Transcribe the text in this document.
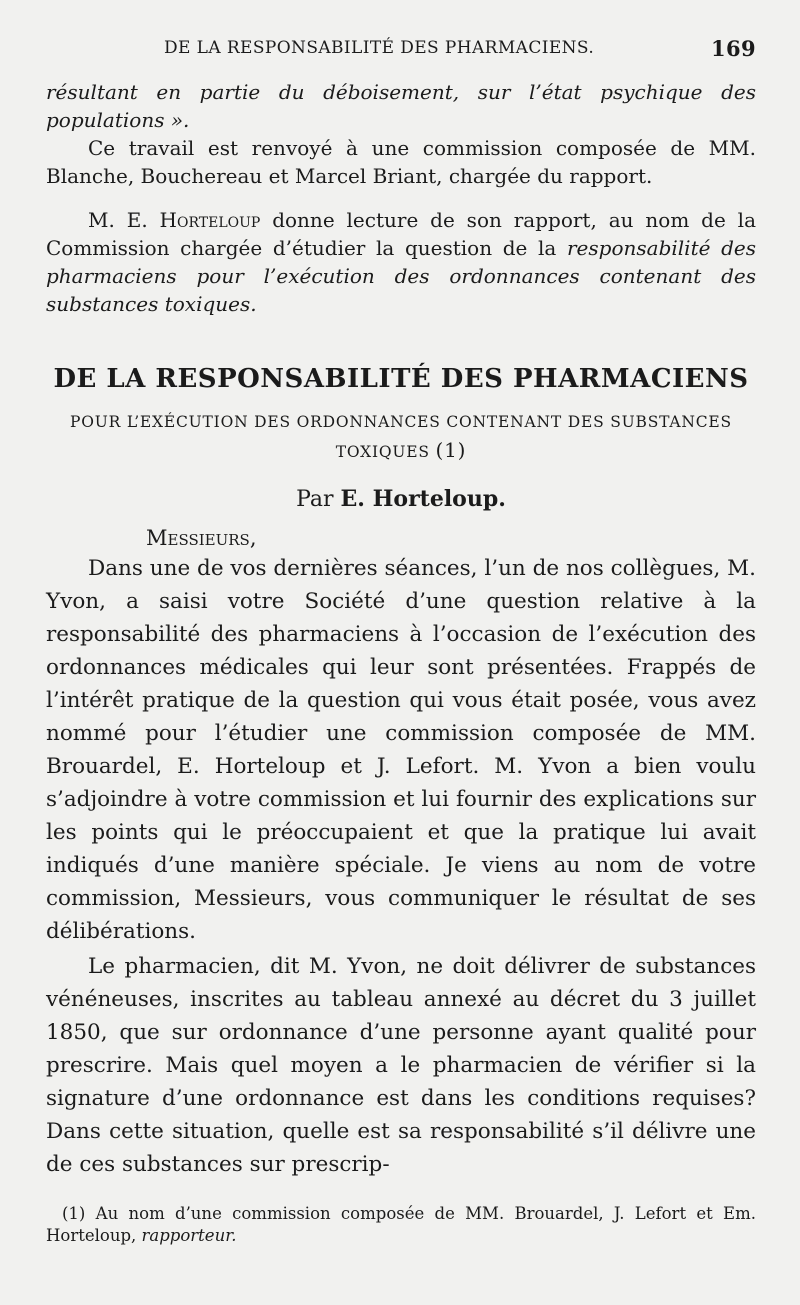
DE LA RESPONSABILITÉ DES PHARMACIENS.	169

résultant en partie du déboisement, sur l’état psychique des populations ».

Ce travail est renvoyé à une commission composée de MM. Blanche, Bouchereau et Marcel Briant, chargée du rapport.

M. E. Horteloup donne lecture de son rapport, au nom de la Commission chargée d’étudier la question de la responsabilité des pharmaciens pour l’exécution des ordonnances contenant des substances toxiques.

DE LA RESPONSABILITÉ DES PHARMACIENS
POUR L’EXÉCUTION DES ORDONNANCES CONTENANT DES SUBSTANCES TOXIQUES (1)
Par E. Horteloup.
Messieurs,

Dans une de vos dernières séances, l’un de nos collègues, M. Yvon, a saisi votre Société d’une question relative à la responsabilité des pharmaciens à l’occasion de l’exécution des ordonnances médicales qui leur sont présentées. Frappés de l’intérêt pratique de la question qui vous était posée, vous avez nommé pour l’étudier une commission composée de MM. Brouardel, E. Horteloup et J. Lefort. M. Yvon a bien voulu s’adjoindre à votre commission et lui fournir des explications sur les points qui le préoccupaient et que la pratique lui avait indiqués d’une manière spéciale. Je viens au nom de votre commission, Messieurs, vous communiquer le résultat de ses délibérations.

Le pharmacien, dit M. Yvon, ne doit délivrer de substances vénéneuses, inscrites au tableau annexé au décret du 3 juillet 1850, que sur ordonnance d’une personne ayant qualité pour prescrire. Mais quel moyen a le pharmacien de vérifier si la signature d’une ordonnance est dans les conditions requises? Dans cette situation, quelle est sa responsabilité s’il délivre une de ces substances sur prescrip-

(1) Au nom d’une commission composée de MM. Brouardel, J. Lefort et Em. Horteloup, rapporteur.
